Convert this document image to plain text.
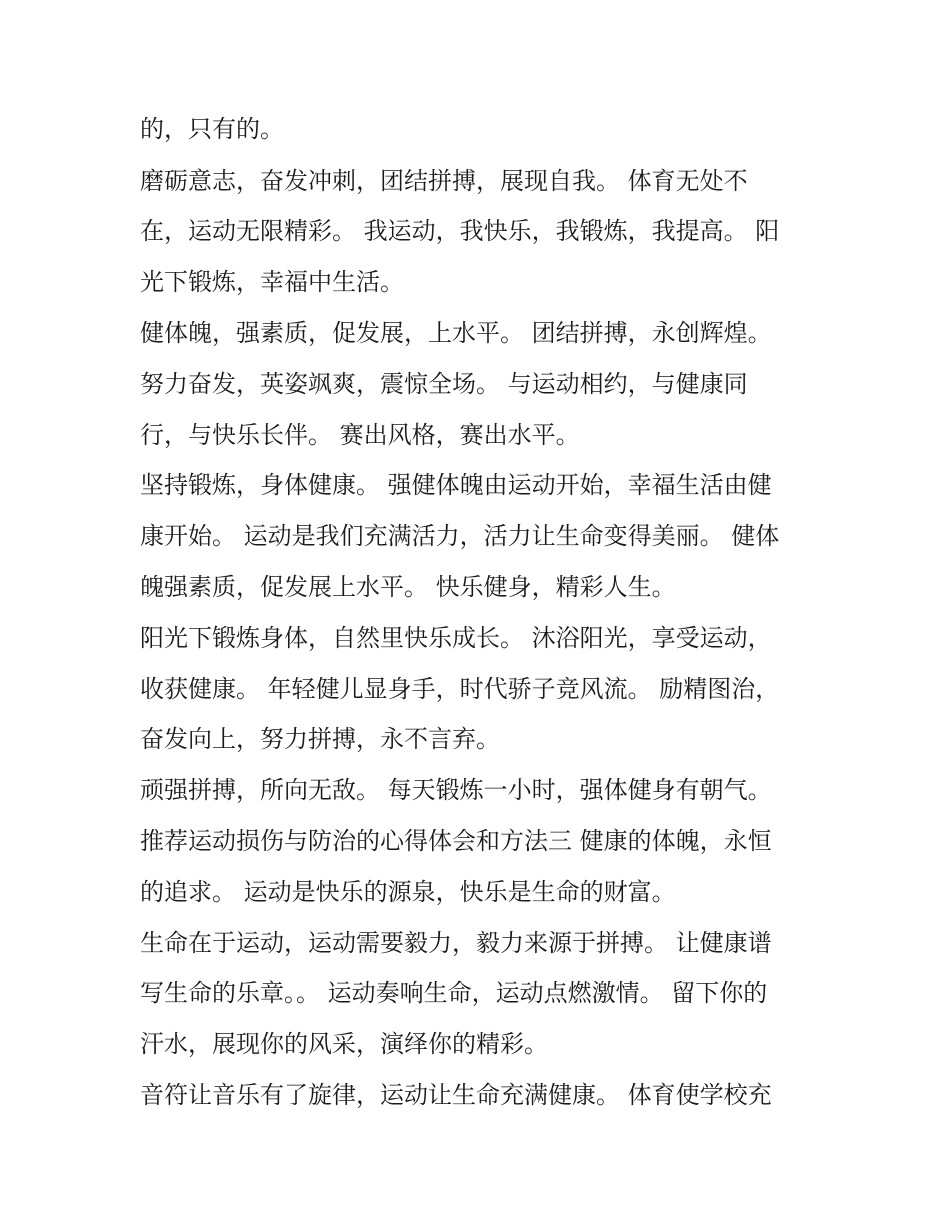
的，只有的。
磨砺意志，奋发冲刺，团结拼搏，展现自我。 体育无处不
在，运动无限精彩。 我运动，我快乐，我锻炼，我提高。 阳
光下锻炼，幸福中生活。
健体魄，强素质，促发展，上水平。 团结拼搏，永创辉煌。
努力奋发，英姿飒爽，震惊全场。 与运动相约，与健康同
行，与快乐长伴。 赛出风格，赛出水平。
坚持锻炼，身体健康。 强健体魄由运动开始，幸福生活由健
康开始。 运动是我们充满活力，活力让生命变得美丽。 健体
魄强素质，促发展上水平。 快乐健身，精彩人生。
阳光下锻炼身体，自然里快乐成长。 沐浴阳光，享受运动，
收获健康。 年轻健儿显身手，时代骄子竞风流。 励精图治，
奋发向上，努力拼搏，永不言弃。
顽强拼搏，所向无敌。 每天锻炼一小时，强体健身有朝气。
推荐运动损伤与防治的心得体会和方法三 健康的体魄，永恒
的追求。 运动是快乐的源泉，快乐是生命的财富。
生命在于运动，运动需要毅力，毅力来源于拼搏。 让健康谱
写生命的乐章。。 运动奏响生命，运动点燃激情。 留下你的
汗水，展现你的风采，演绎你的精彩。
音符让音乐有了旋律，运动让生命充满健康。 体育使学校充
